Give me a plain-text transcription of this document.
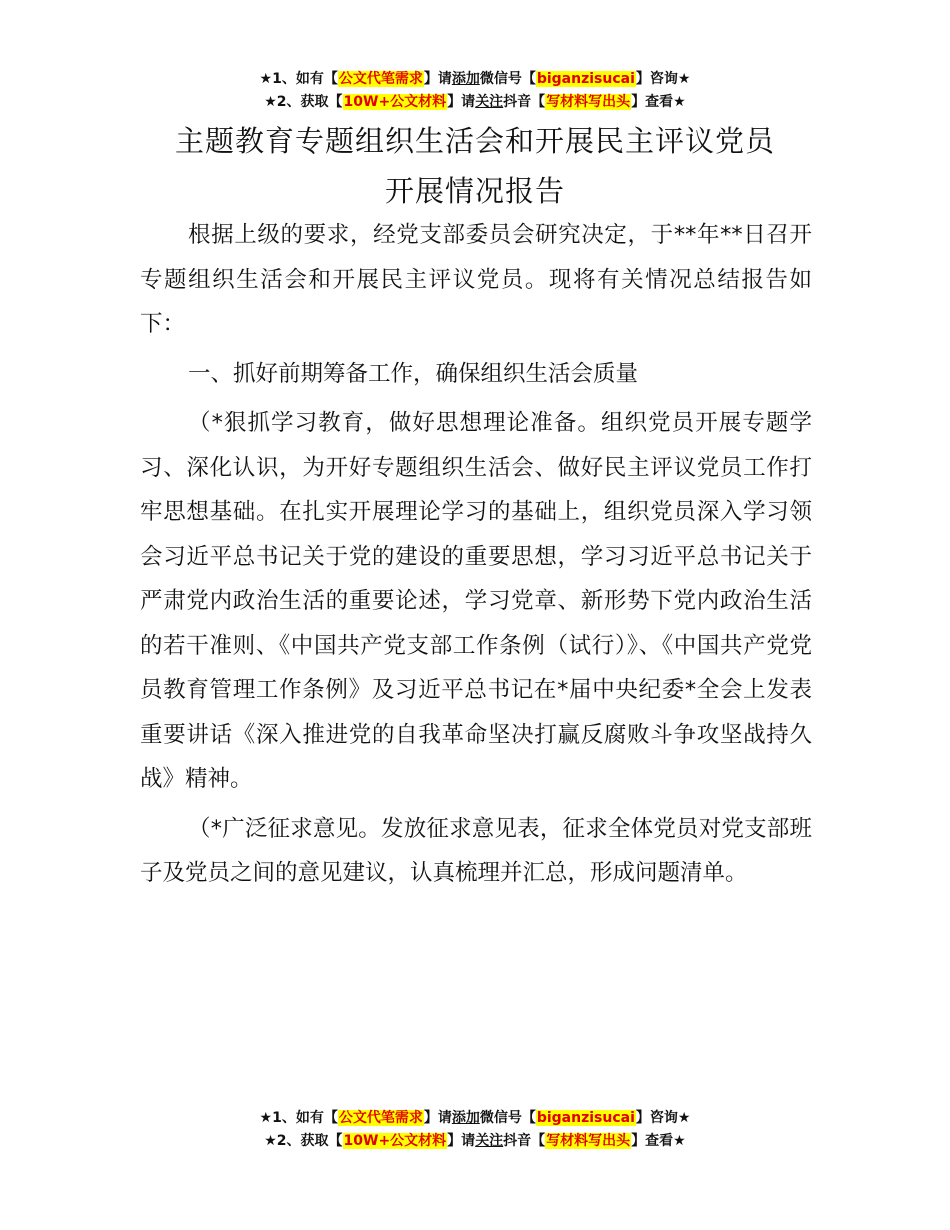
★1、如有【公文代笔需求】请添加微信号【biganzisucai】咨询★
★2、获取【10W+公文材料】请关注抖音【写材料写出头】查看★
主题教育专题组织生活会和开展民主评议党员
开展情况报告

根据上级的要求，经党支部委员会研究决定，于**年**日召开专题组织生活会和开展民主评议党员。现将有关情况总结报告如下：

一、抓好前期筹备工作，确保组织生活会质量

（*狠抓学习教育，做好思想理论准备。组织党员开展专题学习、深化认识，为开好专题组织生活会、做好民主评议党员工作打牢思想基础。在扎实开展理论学习的基础上，组织党员深入学习领会习近平总书记关于党的建设的重要思想，学习习近平总书记关于严肃党内政治生活的重要论述，学习党章、新形势下党内政治生活的若干准则、《中国共产党支部工作条例（试行）》、《中国共产党党员教育管理工作条例》及习近平总书记在*届中央纪委*全会上发表重要讲话《深入推进党的自我革命坚决打赢反腐败斗争攻坚战持久战》精神。

（*广泛征求意见。发放征求意见表，征求全体党员对党支部班子及党员之间的意见建议，认真梳理并汇总，形成问题清单。

★1、如有【公文代笔需求】请添加微信号【biganzisucai】咨询★
★2、获取【10W+公文材料】请关注抖音【写材料写出头】查看★
